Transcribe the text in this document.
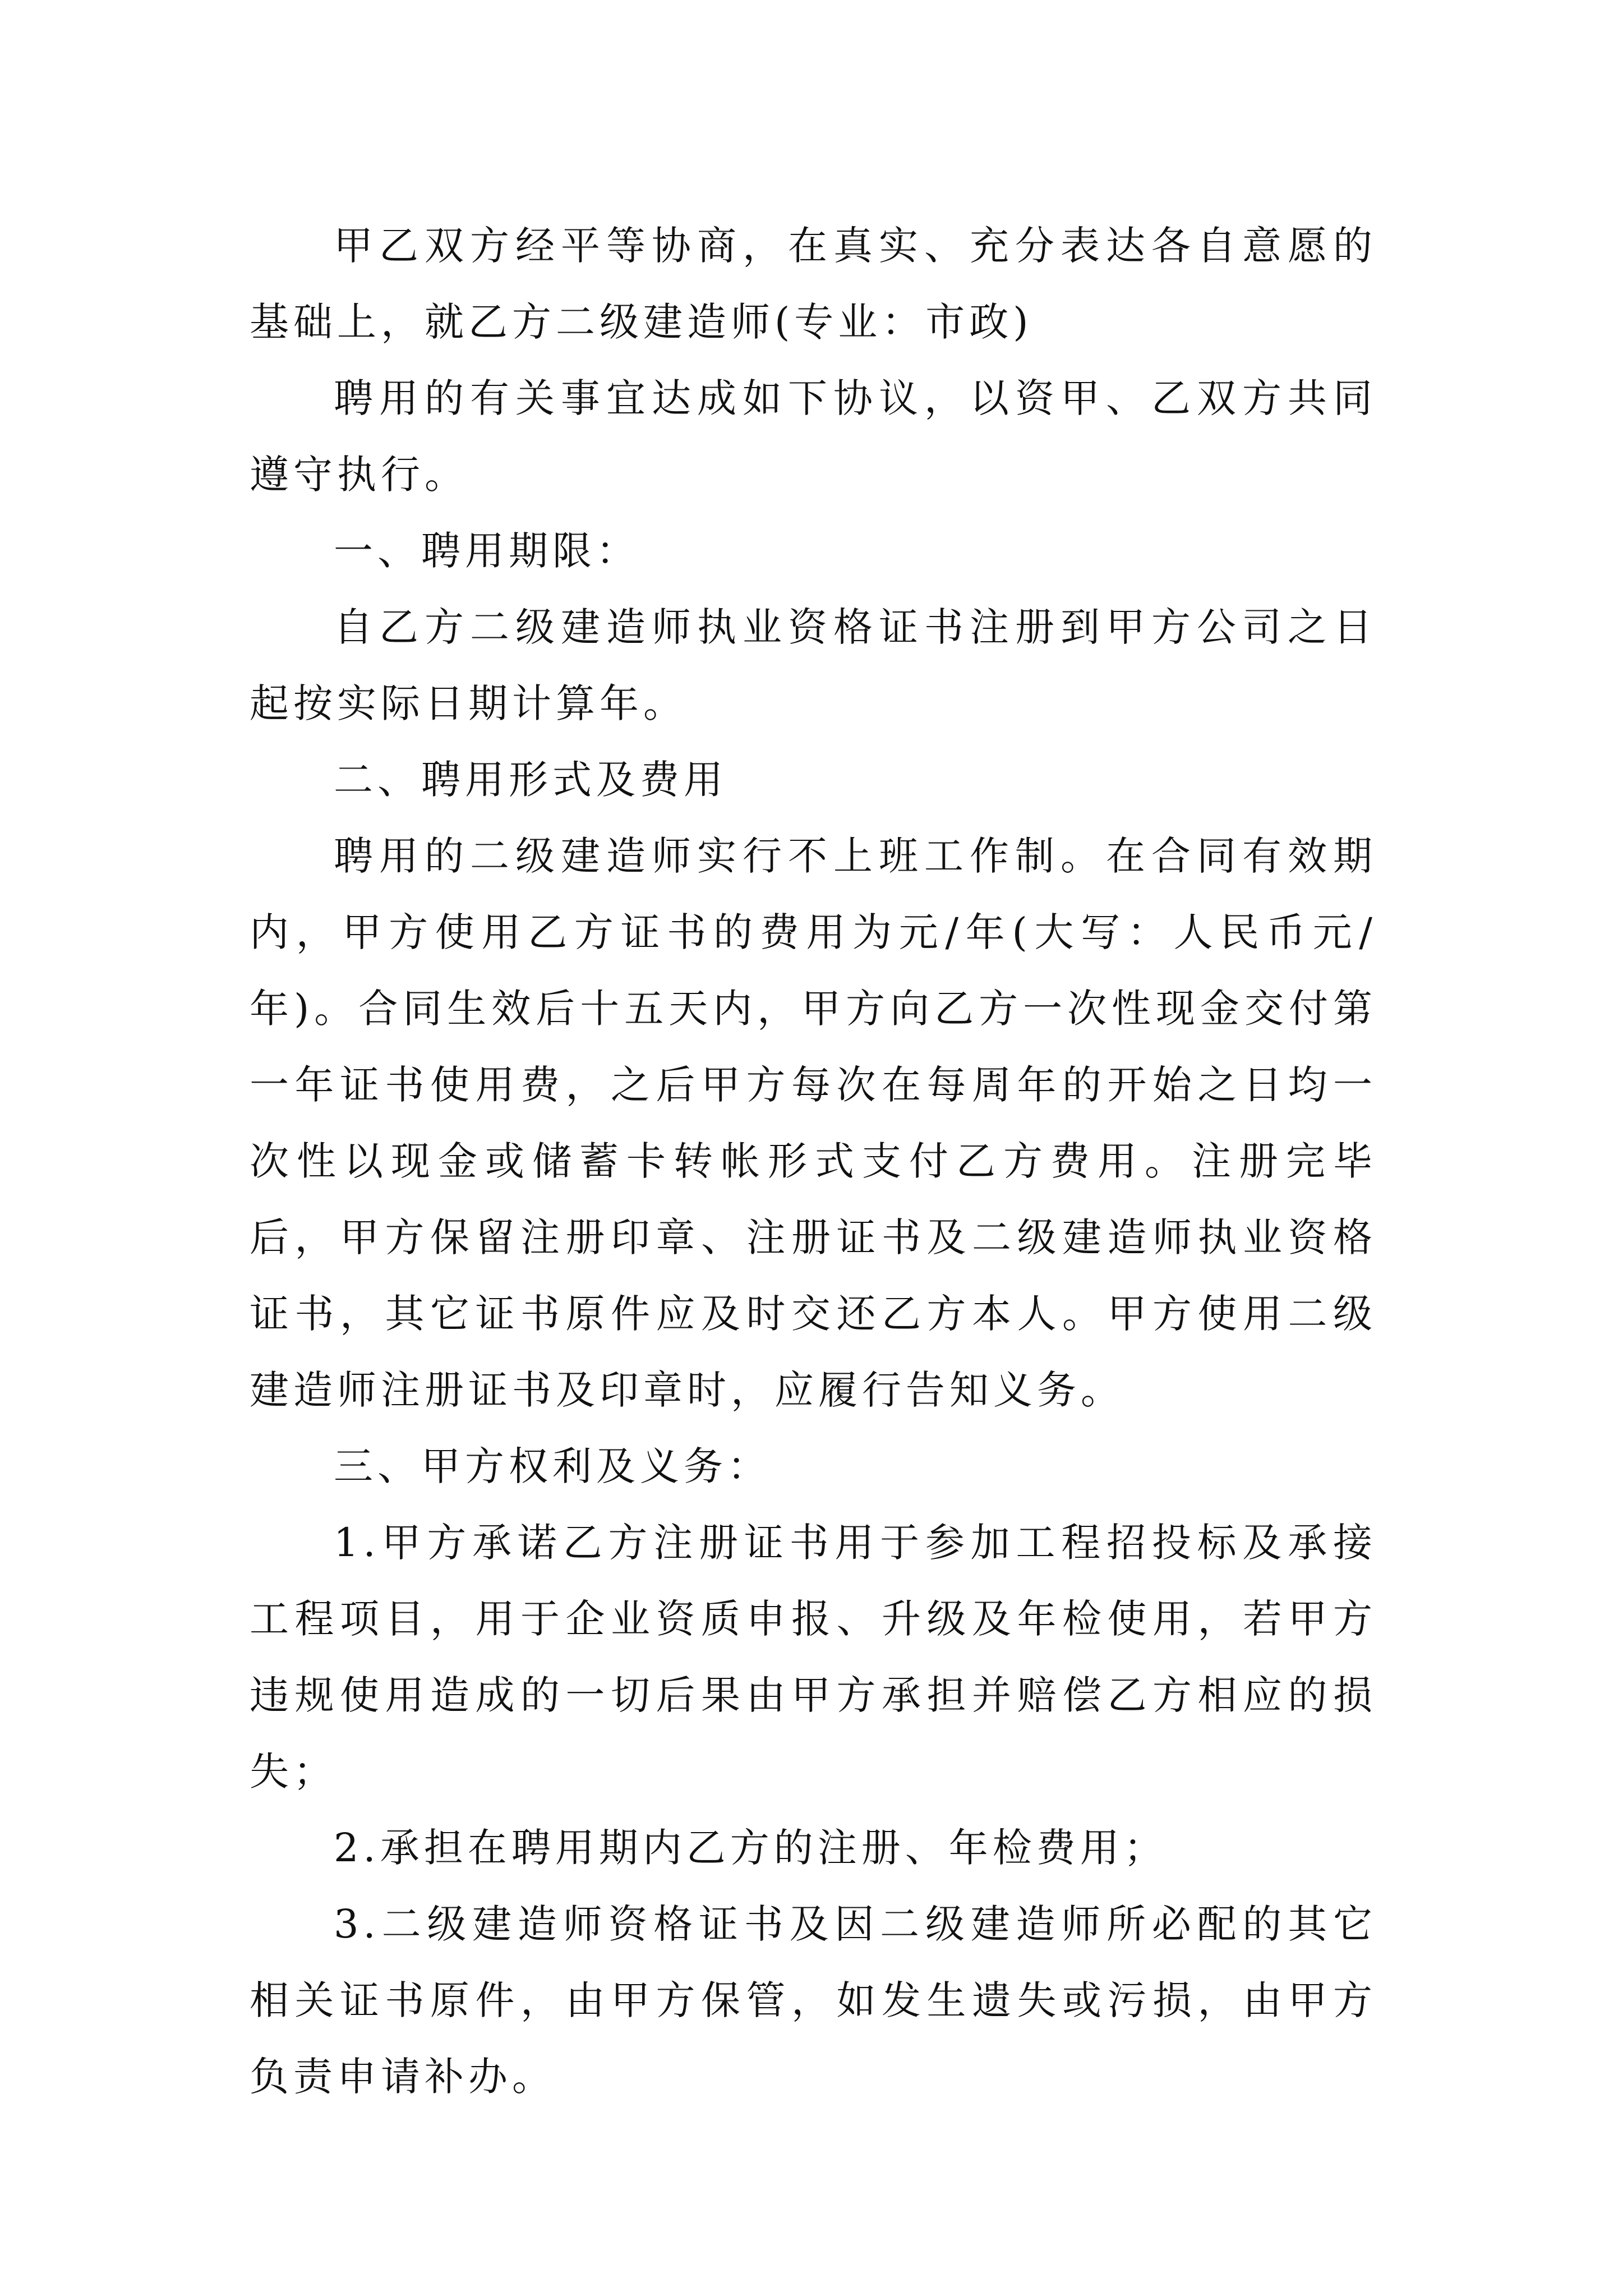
甲乙双方经平等协商，在真实、充分表达各自意愿的基础上，就乙方二级建造师(专业：市政)

聘用的有关事宜达成如下协议，以资甲、乙双方共同遵守执行。

一、聘用期限：

自乙方二级建造师执业资格证书注册到甲方公司之日起按实际日期计算年。

二、聘用形式及费用

聘用的二级建造师实行不上班工作制。在合同有效期内，甲方使用乙方证书的费用为元/年(大写：人民币元/年)。合同生效后十五天内，甲方向乙方一次性现金交付第一年证书使用费，之后甲方每次在每周年的开始之日均一次性以现金或储蓄卡转帐形式支付乙方费用。注册完毕后，甲方保留注册印章、注册证书及二级建造师执业资格证书，其它证书原件应及时交还乙方本人。甲方使用二级建造师注册证书及印章时，应履行告知义务。

三、甲方权利及义务：

1.甲方承诺乙方注册证书用于参加工程招投标及承接工程项目，用于企业资质申报、升级及年检使用，若甲方违规使用造成的一切后果由甲方承担并赔偿乙方相应的损失；

2.承担在聘用期内乙方的注册、年检费用；

3.二级建造师资格证书及因二级建造师所必配的其它相关证书原件，由甲方保管，如发生遗失或污损，由甲方负责申请补办。
